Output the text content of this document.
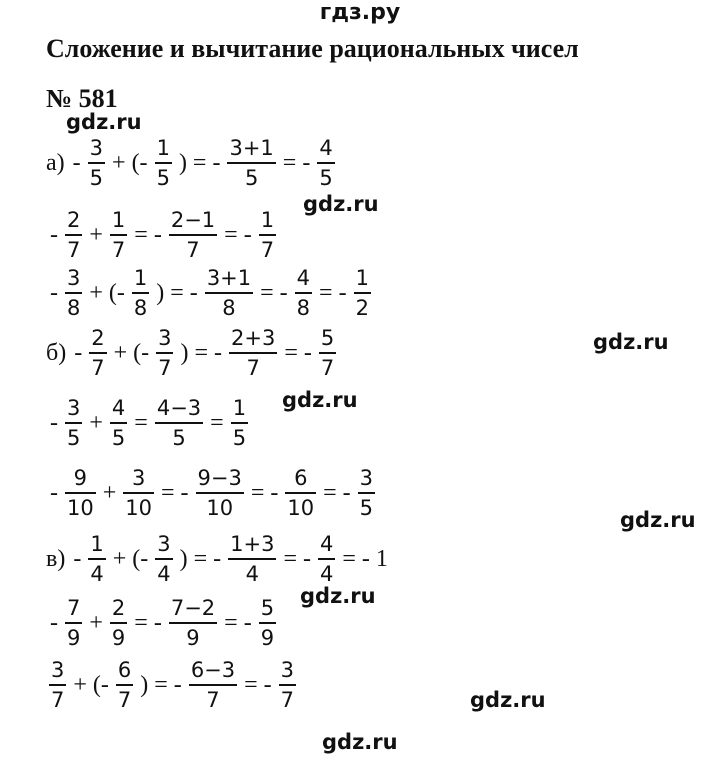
гдз.ру
Сложение и вычитание рациональных чисел
№ 581
gdz.ru
gdz.ru
gdz.ru
gdz.ru
gdz.ru
gdz.ru
gdz.ru
gdz.ru
а) -
3
5
+ (-
1
5
) = -
3+1
5
= -
4
5
-
2
7
+
1
7
= -
2−1
7
= -
1
7
-
3
8
+ (-
1
8
) = -
3+1
8
= -
4
8
= -
1
2
б) -
2
7
+ (-
3
7
) = -
2+3
7
= -
5
7
-
3
5
+
4
5
=
4−3
5
=
1
5
-
9
10
+
3
10
= -
9−3
10
= -
6
10
= -
3
5
в) -
1
4
+ (-
3
4
) = -
1+3
4
= -
4
4
= - 1
-
7
9
+
2
9
= -
7−2
9
= -
5
9
3
7
+ (-
6
7
) = -
6−3
7
= -
3
7
